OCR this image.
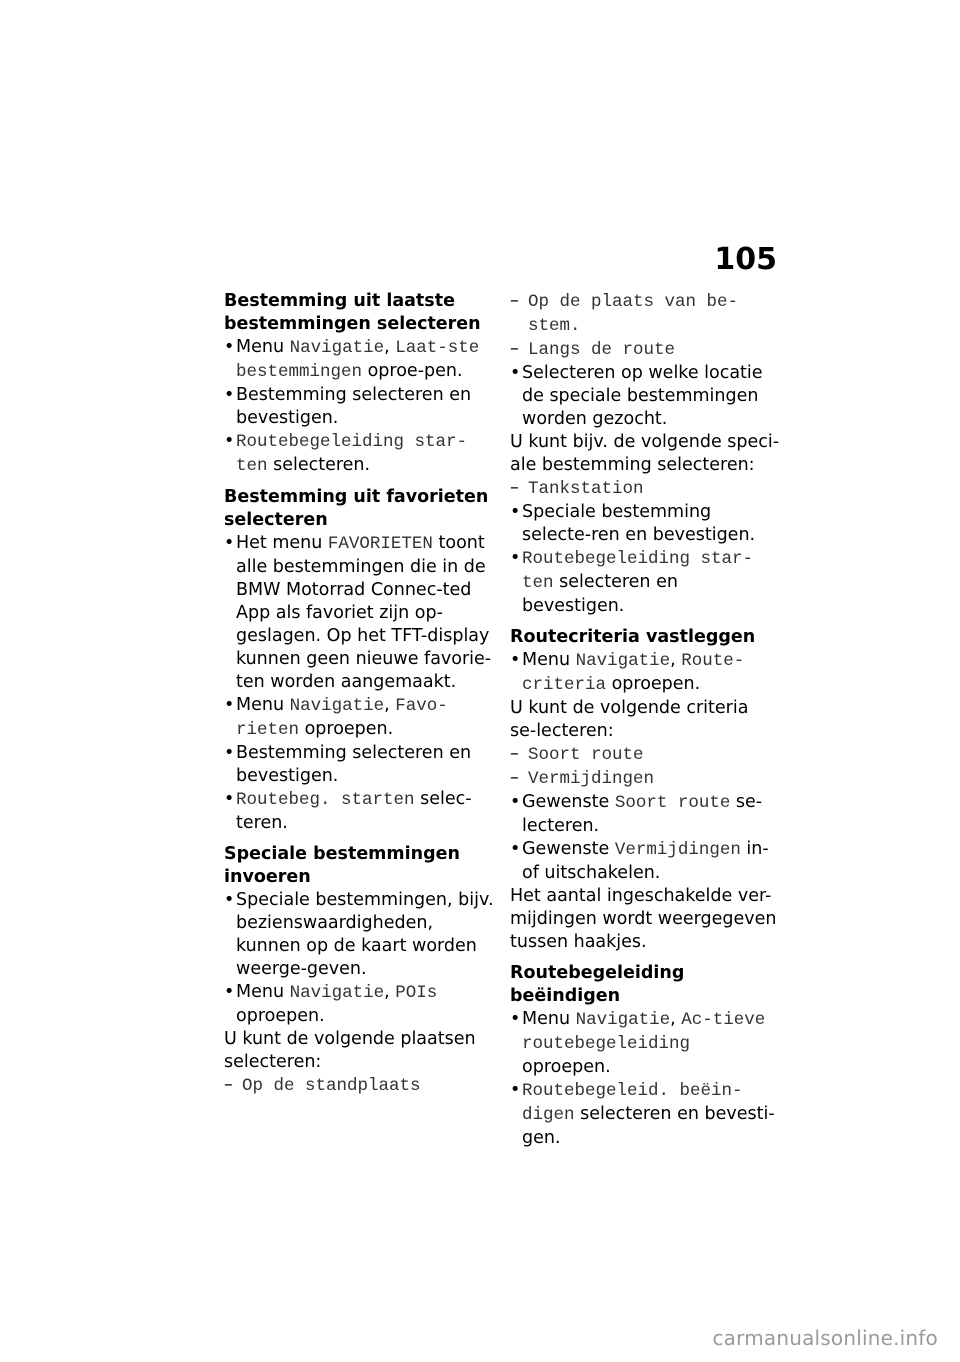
105
Bestemming uit laatste bestemmingen selecteren
• Menu Navigatie, Laat-ste bestemmingen oproe-pen.
• Bestemming selecteren en bevestigen.
• Routebegeleiding star-ten selecteren.
Bestemming uit favorieten selecteren
• Het menu FAVORIETEN toont alle bestemmingen die in de BMW Motorrad Connec-ted App als favoriet zijn op-geslagen. Op het TFT-display kunnen geen nieuwe favorie-ten worden aangemaakt.
• Menu Navigatie, Favo-rieten oproepen.
• Bestemming selecteren en bevestigen.
• Routebeg. starten selec-teren.
Speciale bestemmingen invoeren
• Speciale bestemmingen, bijv. bezienswaardigheden, kunnen op de kaart worden weerge-geven.
• Menu Navigatie, POIs oproepen.
U kunt de volgende plaatsen selecteren:
– Op de standplaats
– Op de plaats van be-stem.
– Langs de route
• Selecteren op welke locatie de speciale bestemmingen worden gezocht.
U kunt bijv. de volgende speci-ale bestemming selecteren:
– Tankstation
• Speciale bestemming selecte-ren en bevestigen.
• Routebegeleiding star-ten selecteren en bevestigen.
Routecriteria vastleggen
• Menu Navigatie, Route-criteria oproepen.
U kunt de volgende criteria se-lecteren:
– Soort route
– Vermijdingen
• Gewenste Soort route se-lecteren.
• Gewenste Vermijdingen in- of uitschakelen.
Het aantal ingeschakelde ver-mijdingen wordt weergegeven tussen haakjes.
Routebegeleiding beëindigen
• Menu Navigatie, Ac-tieve routebegeleiding oproepen.
• Routebegeleid. beëin-digen selecteren en bevesti-gen.
carmanualsonline.info
